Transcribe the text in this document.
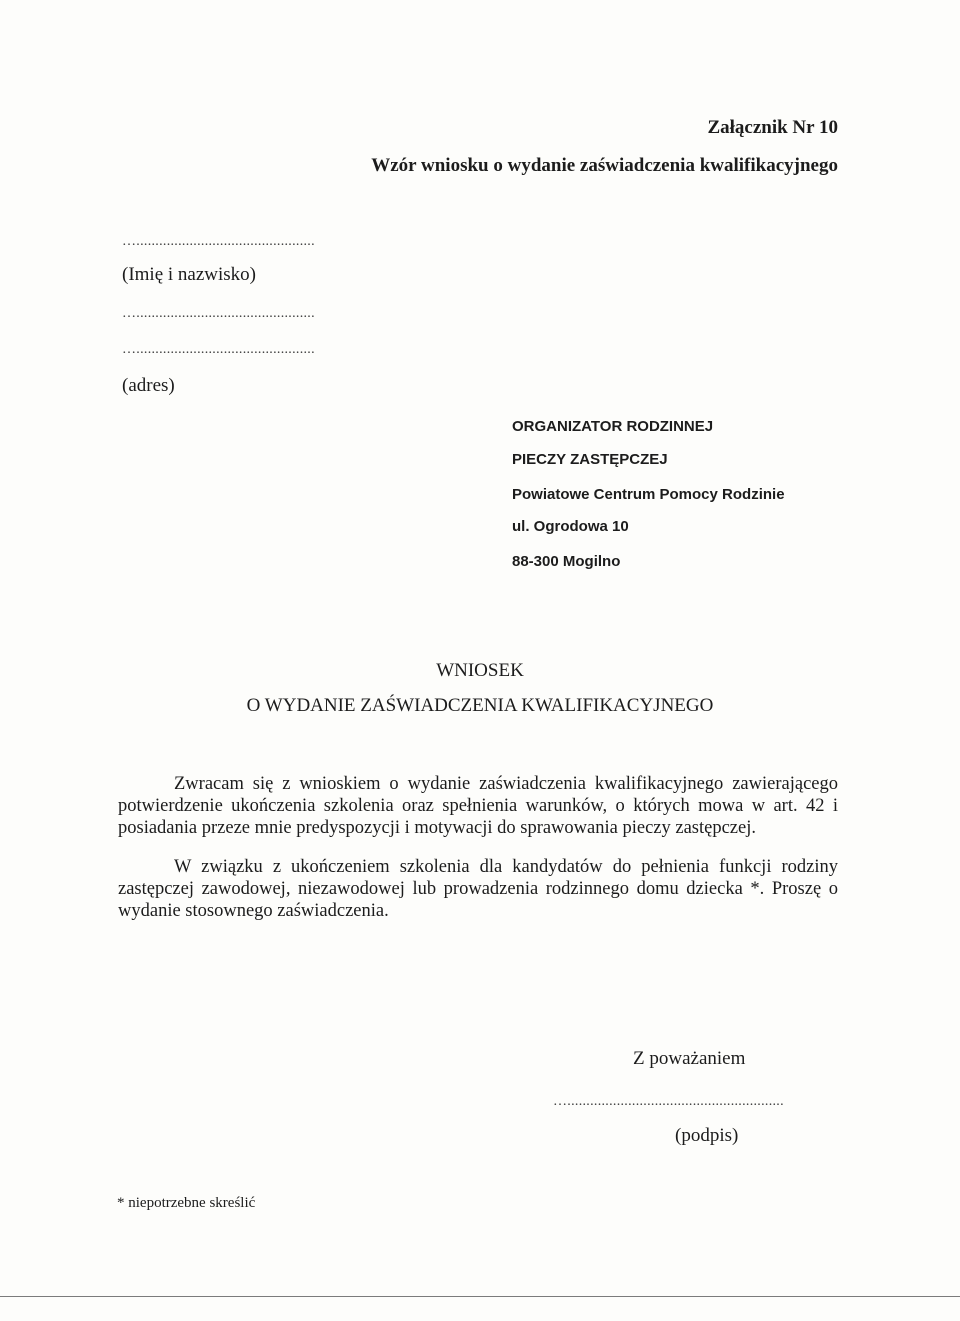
Załącznik Nr 10
Wzór wniosku o wydanie zaświadczenia kwalifikacyjnego
…...............................................
(Imię i nazwisko)
…...............................................
…...............................................
(adres)
ORGANIZATOR RODZINNEJ
PIECZY ZASTĘPCZEJ
Powiatowe Centrum Pomocy Rodzinie
ul. Ogrodowa 10
88-300 Mogilno
WNIOSEK
O WYDANIE ZAŚWIADCZENIA KWALIFIKACYJNEGO
Zwracam się z wnioskiem o wydanie zaświadczenia kwalifikacyjnego zawierającego potwierdzenie ukończenia szkolenia oraz spełnienia warunków, o których mowa w art. 42 i posiadania przeze mnie predyspozycji i motywacji do sprawowania pieczy zastępczej.
W związku z ukończeniem szkolenia dla kandydatów do pełnienia funkcji rodziny zastępczej zawodowej, niezawodowej lub prowadzenia rodzinnego domu dziecka *. Proszę o wydanie stosownego zaświadczenia.
Z poważaniem
….........................................................
(podpis)
* niepotrzebne skreślić
